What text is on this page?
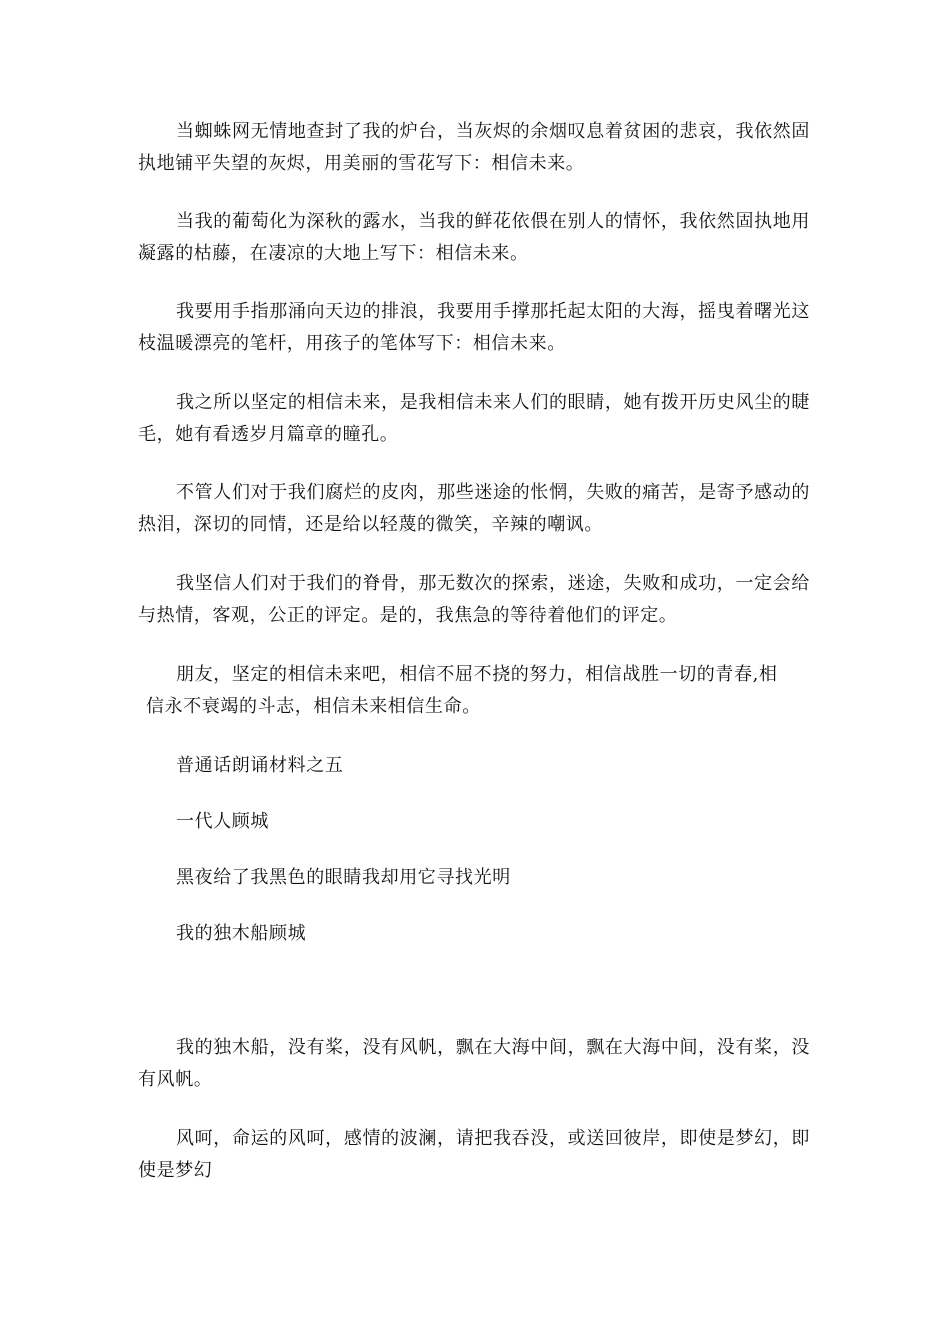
当蜘蛛网无情地查封了我的炉台，当灰烬的余烟叹息着贫困的悲哀，我依然固执地铺平失望的灰烬，用美丽的雪花写下：相信未来。

当我的葡萄化为深秋的露水，当我的鲜花依偎在别人的情怀，我依然固执地用凝露的枯藤，在凄凉的大地上写下：相信未来。

我要用手指那涌向天边的排浪，我要用手撑那托起太阳的大海，摇曳着曙光这枝温暖漂亮的笔杆，用孩子的笔体写下：相信未来。

我之所以坚定的相信未来，是我相信未来人们的眼睛，她有拨开历史风尘的睫毛，她有看透岁月篇章的瞳孔。

不管人们对于我们腐烂的皮肉，那些迷途的怅惘，失败的痛苦，是寄予感动的热泪，深切的同情，还是给以轻蔑的微笑，辛辣的嘲讽。

我坚信人们对于我们的脊骨，那无数次的探索，迷途，失败和成功，一定会给与热情，客观，公正的评定。是的，我焦急的等待着他们的评定。

朋友，坚定的相信未来吧，相信不屈不挠的努力，相信战胜一切的青春,相
信永不衰竭的斗志，相信未来相信生命。

普通话朗诵材料之五

一代人顾城

黑夜给了我黑色的眼睛我却用它寻找光明

我的独木船顾城

我的独木船，没有桨，没有风帆，飘在大海中间，飘在大海中间，没有桨，没有风帆。

风呵，命运的风呵，感情的波澜，请把我吞没，或送回彼岸，即使是梦幻，即使是梦幻
